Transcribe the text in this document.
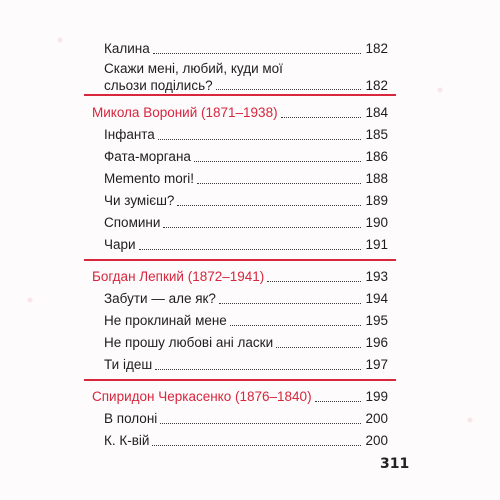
Калина	182
Скажи мені, любий, куди мої
сльози поділись?	182
Микола Вороний (1871–1938)	184
Інфанта	185
Фата-моргана	186
Memento mori!	188
Чи зумієш?	189
Спомини	190
Чари	191
Богдан Лепкий (1872–1941)	193
Забути — але як?	194
Не проклинай мене	195
Не прошу любові ані ласки	196
Ти ідеш	197
Спиридон Черкасенко (1876–1840)	199
В полоні	200
К. К-вій	200
311
